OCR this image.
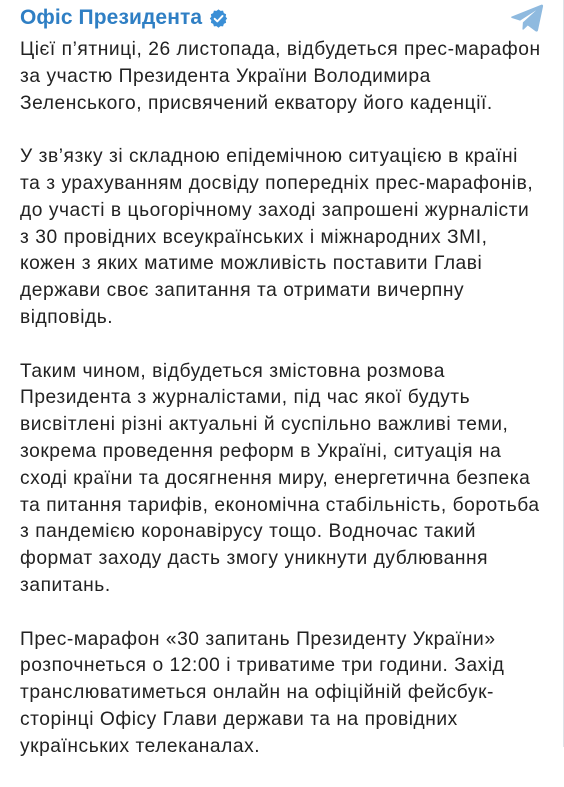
Офіс Президента

Цієї п’ятниці, 26 листопада, відбудеться прес-марафон
за участю Президента України Володимира
Зеленського, присвячений екватору його каденції.

У зв’язку зі складною епідемічною ситуацією в країні
та з урахуванням досвіду попередніх прес-марафонів,
до участі в цьогорічному заході запрошені журналісти
з 30 провідних всеукраїнських і міжнародних ЗМІ,
кожен з яких матиме можливість поставити Главі
держави своє запитання та отримати вичерпну
відповідь.

Таким чином, відбудеться змістовна розмова
Президента з журналістами, під час якої будуть
висвітлені різні актуальні й суспільно важливі теми,
зокрема проведення реформ в Україні, ситуація на
сході країни та досягнення миру, енергетична безпека
та питання тарифів, економічна стабільність, боротьба
з пандемією коронавірусу тощо. Водночас такий
формат заходу дасть змогу уникнути дублювання
запитань.

Прес-марафон «30 запитань Президенту України»
розпочнеться о 12:00 і триватиме три години. Захід
транслюватиметься онлайн на офіційній фейсбук-
сторінці Офісу Глави держави та на провідних
українських телеканалах.
